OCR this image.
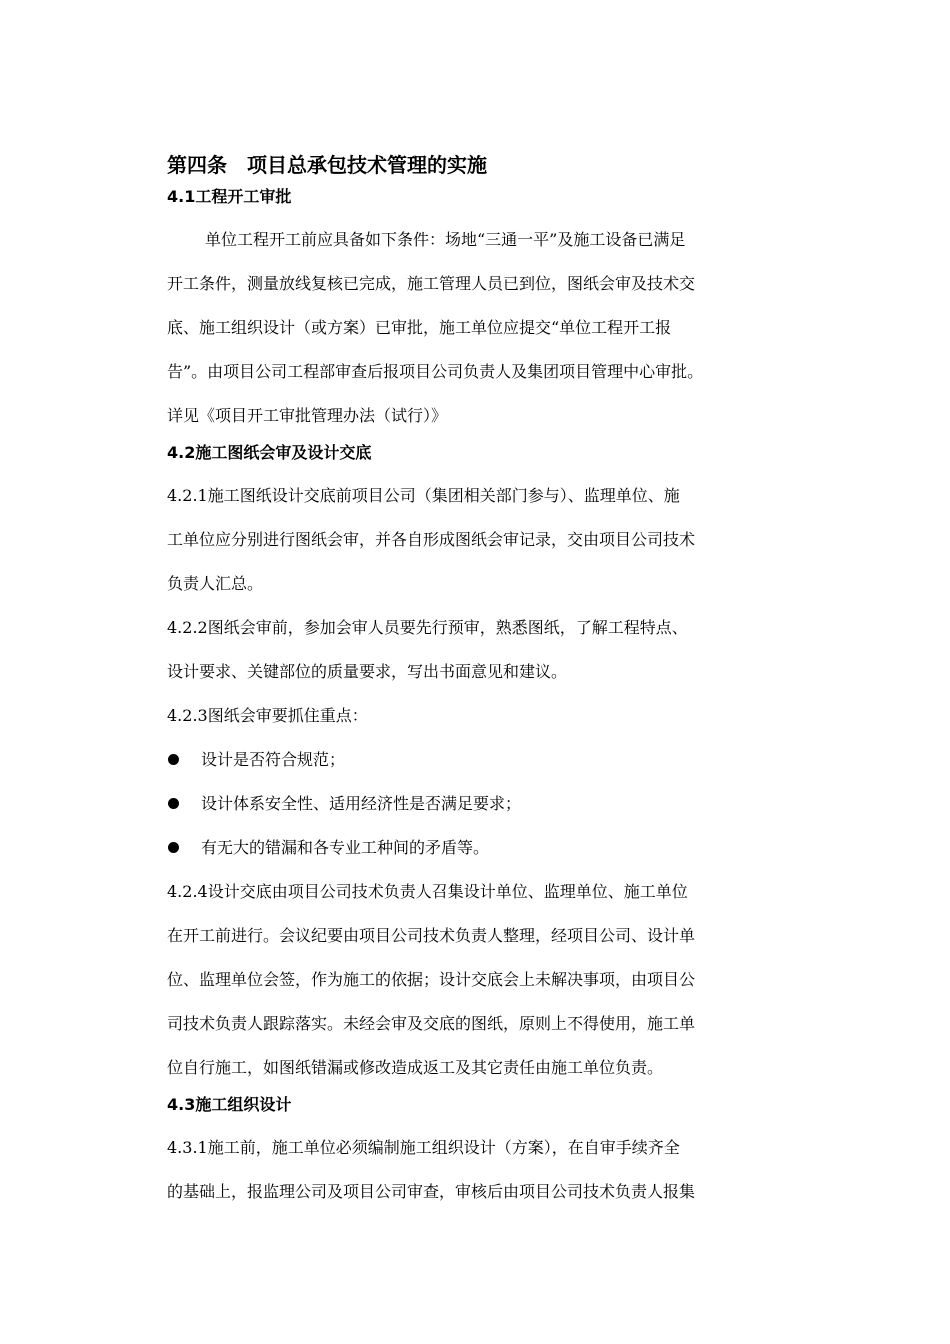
第四条　项目总承包技术管理的实施
4.1工程开工审批

单位工程开工前应具备如下条件：场地“三通一平”及施工设备已满足

开工条件，测量放线复核已完成，施工管理人员已到位，图纸会审及技术交

底、施工组织设计（或方案）已审批，施工单位应提交“单位工程开工报

告”。由项目公司工程部审查后报项目公司负责人及集团项目管理中心审批。

详见《项目开工审批管理办法（试行）》

4.2施工图纸会审及设计交底

4.2.1施工图纸设计交底前项目公司（集团相关部门参与）、监理单位、施

工单位应分别进行图纸会审，并各自形成图纸会审记录，交由项目公司技术

负责人汇总。

4.2.2图纸会审前，参加会审人员要先行预审，熟悉图纸，了解工程特点、

设计要求、关键部位的质量要求，写出书面意见和建议。

4.2.3图纸会审要抓住重点：

设计是否符合规范；
设计体系安全性、适用经济性是否满足要求；
有无大的错漏和各专业工种间的矛盾等。

4.2.4设计交底由项目公司技术负责人召集设计单位、监理单位、施工单位

在开工前进行。会议纪要由项目公司技术负责人整理，经项目公司、设计单

位、监理单位会签，作为施工的依据；设计交底会上未解决事项，由项目公

司技术负责人跟踪落实。未经会审及交底的图纸，原则上不得使用，施工单

位自行施工，如图纸错漏或修改造成返工及其它责任由施工单位负责。

4.3施工组织设计

4.3.1施工前，施工单位必须编制施工组织设计（方案），在自审手续齐全

的基础上，报监理公司及项目公司审查，审核后由项目公司技术负责人报集
